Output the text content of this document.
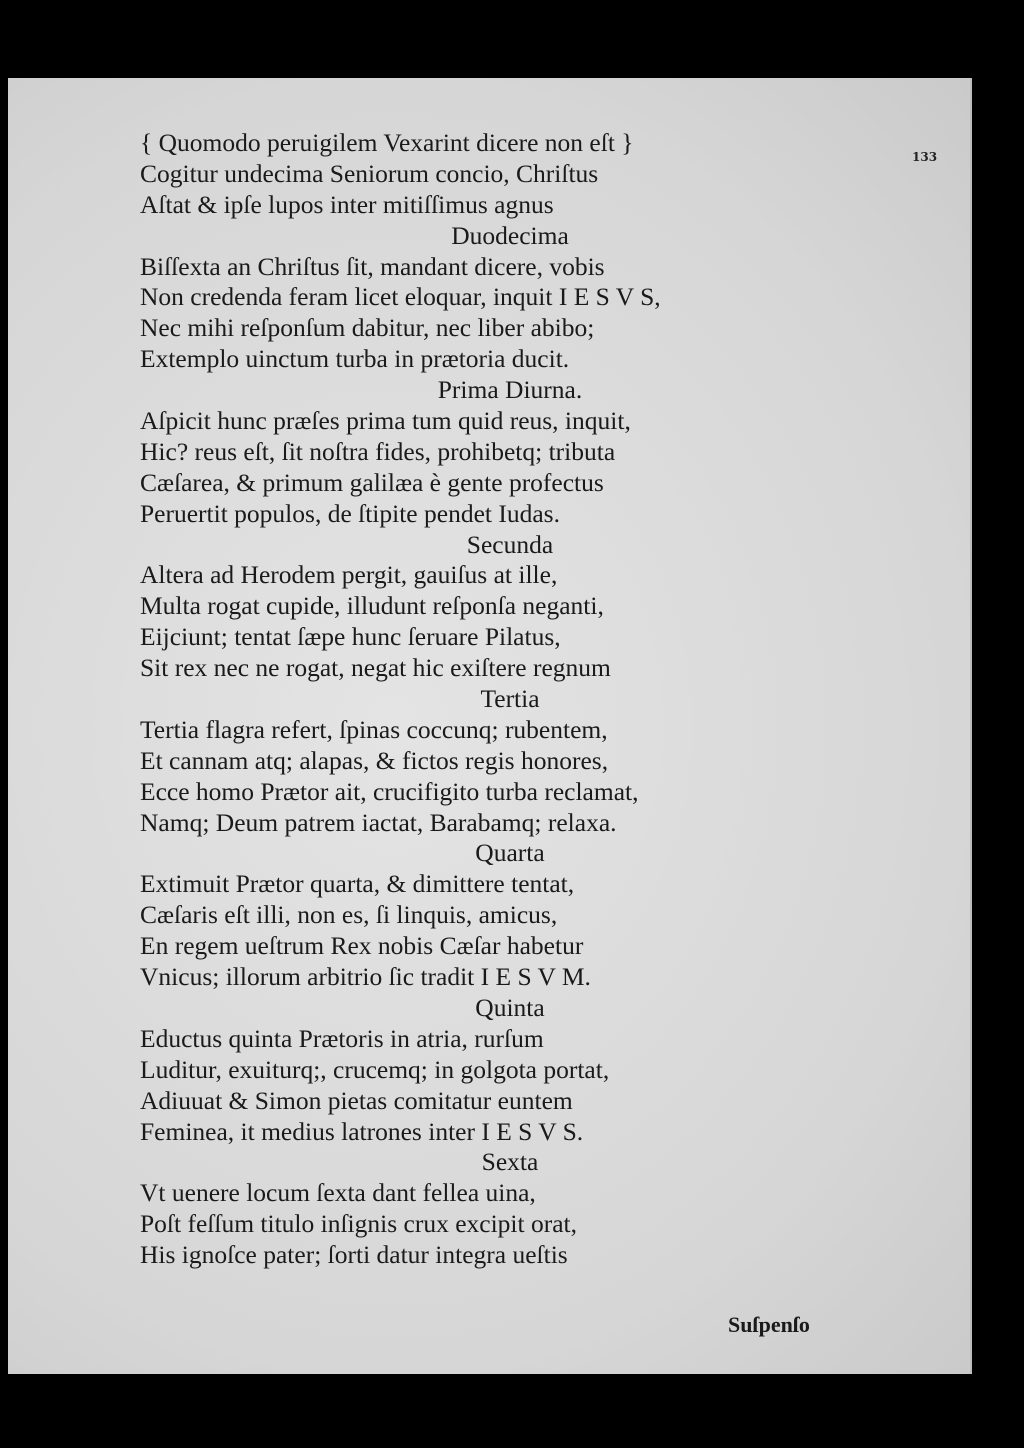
133
{ Quomodo peruigilem Vexarint dicere non eſt }
Cogitur undecima Seniorum concio, Chriſtus
Aſtat & ipſe lupos inter mitiſſimus agnus
Duodecima
Biſſexta an Chriſtus ſit, mandant dicere, vobis
Non credenda feram licet eloquar, inquit I E S V S,
Nec mihi reſponſum dabitur, nec liber abibo;
Extemplo uinctum turba in prætoria ducit.
Prima Diurna.
Aſpicit hunc præſes prima tum quid reus, inquit,
Hic? reus eſt, ſit noſtra fides, prohibetq; tributa
Cæſarea, & primum galilæa è gente profectus
Peruertit populos, de ſtipite pendet Iudas.
Secunda
Altera ad Herodem pergit, gauiſus at ille,
Multa rogat cupide, illudunt reſponſa neganti,
Eijciunt; tentat ſæpe hunc ſeruare Pilatus,
Sit rex nec ne rogat, negat hic exiſtere regnum
Tertia
Tertia flagra refert, ſpinas coccunq; rubentem,
Et cannam atq; alapas, & fictos regis honores,
Ecce homo Prætor ait, crucifigito turba reclamat,
Namq; Deum patrem iactat, Barabamq; relaxa.
Quarta
Extimuit Prætor quarta, & dimittere tentat,
Cæſaris eſt illi, non es, ſi linquis, amicus,
En regem ueſtrum Rex nobis Cæſar habetur
Vnicus; illorum arbitrio ſic tradit I E S V M.
Quinta
Eductus quinta Prætoris in atria, rurſum
Luditur, exuiturq;, crucemq; in golgota portat,
Adiuuat & Simon pietas comitatur euntem
Feminea, it medius latrones inter I E S V S.
Sexta
Vt uenere locum ſexta dant fellea uina,
Poſt feſſum titulo inſignis crux excipit orat,
His ignoſce pater; ſorti datur integra ueſtis
Suſpenſo
